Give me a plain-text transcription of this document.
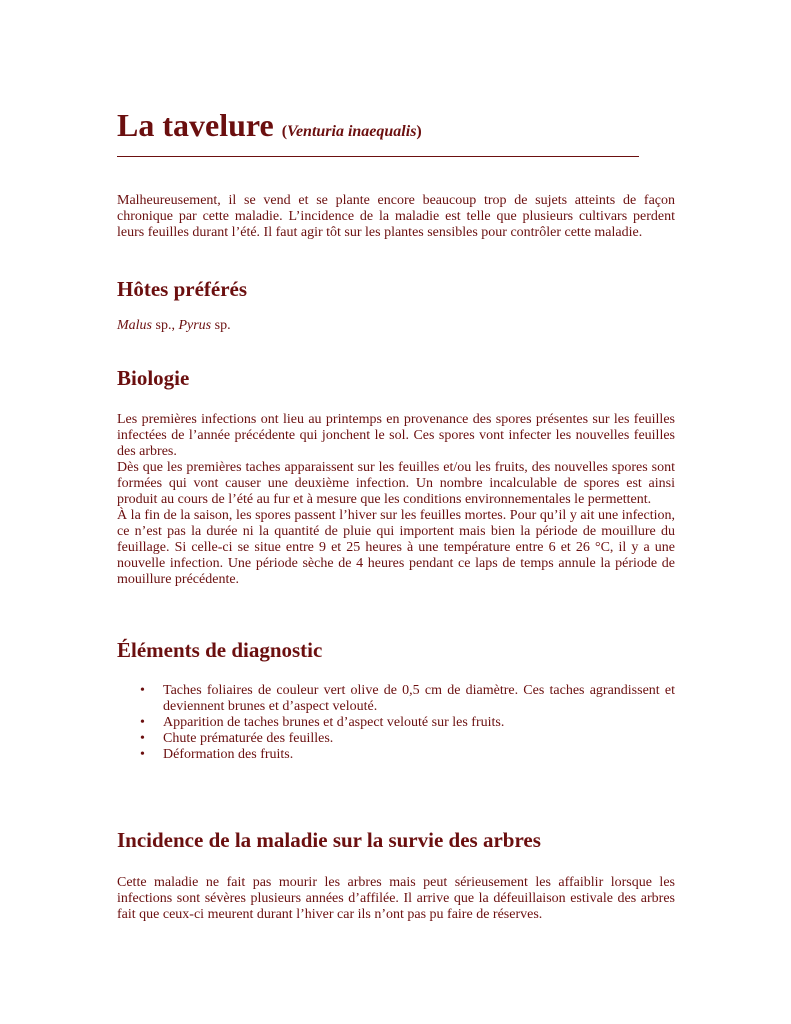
La tavelure (Venturia inaequalis)

Malheureusement, il se vend et se plante encore beaucoup trop de sujets atteints de façon chronique par cette maladie. L’incidence de la maladie est telle que plusieurs cultivars perdent leurs feuilles durant l’été. Il faut agir tôt sur les plantes sensibles pour contrôler cette maladie.

Hôtes préférés

Malus sp., Pyrus sp.

Biologie
Les premières infections ont lieu au printemps en provenance des spores présentes sur les feuilles infectées de l’année précédente qui jonchent le sol. Ces spores vont infecter les nouvelles feuilles des arbres.
Dès que les premières taches apparaissent sur les feuilles et/ou les fruits, des nouvelles spores sont formées qui vont causer une deuxième infection. Un nombre incalculable de spores est ainsi produit au cours de l’été au fur et à mesure que les conditions environnementales le permettent.
À la fin de la saison, les spores passent l’hiver sur les feuilles mortes. Pour qu’il y ait une infection, ce n’est pas la durée ni la quantité de pluie qui importent mais bien la période de mouillure du feuillage. Si celle-ci se situe entre 9 et 25 heures à une température entre 6 et 26 °C, il y a une nouvelle infection. Une période sèche de 4 heures pendant ce laps de temps annule la période de mouillure précédente.
Éléments de diagnostic
• Taches foliaires de couleur vert olive de 0,5 cm de diamètre. Ces taches agrandissent et deviennent brunes et d’aspect velouté.
• Apparition de taches brunes et d’aspect velouté sur les fruits.
• Chute prématurée des feuilles.
• Déformation des fruits.
Incidence de la maladie sur la survie des arbres

Cette maladie ne fait pas mourir les arbres mais peut sérieusement les affaiblir lorsque les infections sont sévères plusieurs années d’affilée. Il arrive que la défeuillaison estivale des arbres fait que ceux-ci meurent durant l’hiver car ils n’ont pas pu faire de réserves.
